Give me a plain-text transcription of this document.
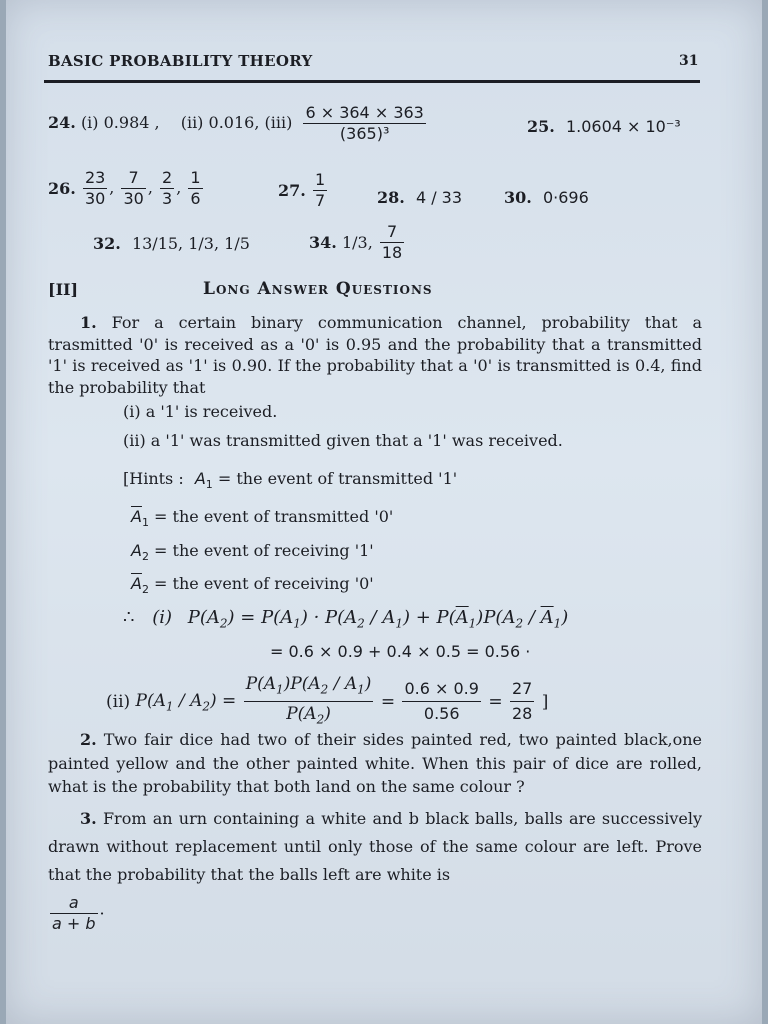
BASIC PROBABILITY THEORY	31
24. (i) 0.984 , (ii) 0.016, $(iii) \frac{6 \times 364 \times 363}{\text{(365)³}}$	25. 1.0604 × 10⁻³
26. $\frac{23}{30}$ , $\frac{7}{30}$ , $\frac{2}{3}$ , $\frac{1}{6}$	27. $\frac{1}{7}$	28. 4 / 33	30. 0·696
32. 13/15, 1/3, 1/5	34. 1/3, $\frac{7}{18}$
[II]	Long Answer Questions
1. For a certain binary communication channel, probability that a trasmitted '0' is received as a '0' is 0.95 and the probability that a transmitted '1' is received as '1' is 0.90. If the probability that a '0' is transmitted is 0.4, find the probability that
(i) a '1' is received.
(ii) a '1' was transmitted given that a '1' was received.
[Hints : $A_1$ = the event of transmitted '1'
$\overline{A}_1$ = the event of transmitted '0'
$A_2$ = the event of receiving '1'
$\overline{A}_2$ = the event of receiving '0'
∴ (i) $P(A_2) = P(A_1) \cdot P(A_2 / A_1) + P(\overline{A}_1)P(A_2 / \overline{A}_1)$
= 0.6 × 0.9 + 0.4 × 0.5 = 0.56 ·
(ii) $P(A_1 / A_2) = \frac{P(A_1)P(A_2 / A_1)}{P(A_2)} = \frac{0.6 \times 0.9}{0.56} = \frac{27}{28}$ ]
2. Two fair dice had two of their sides painted red, two painted black,one painted yellow and the other painted white. When this pair of dice are rolled, what is the probability that both land on the same colour ?
3. From an urn containing a white and b black balls, balls are successively drawn without replacement until only those of the same colour are left. Prove that the probability that the balls left are white is
$\frac{a}{a + b}$ ·
